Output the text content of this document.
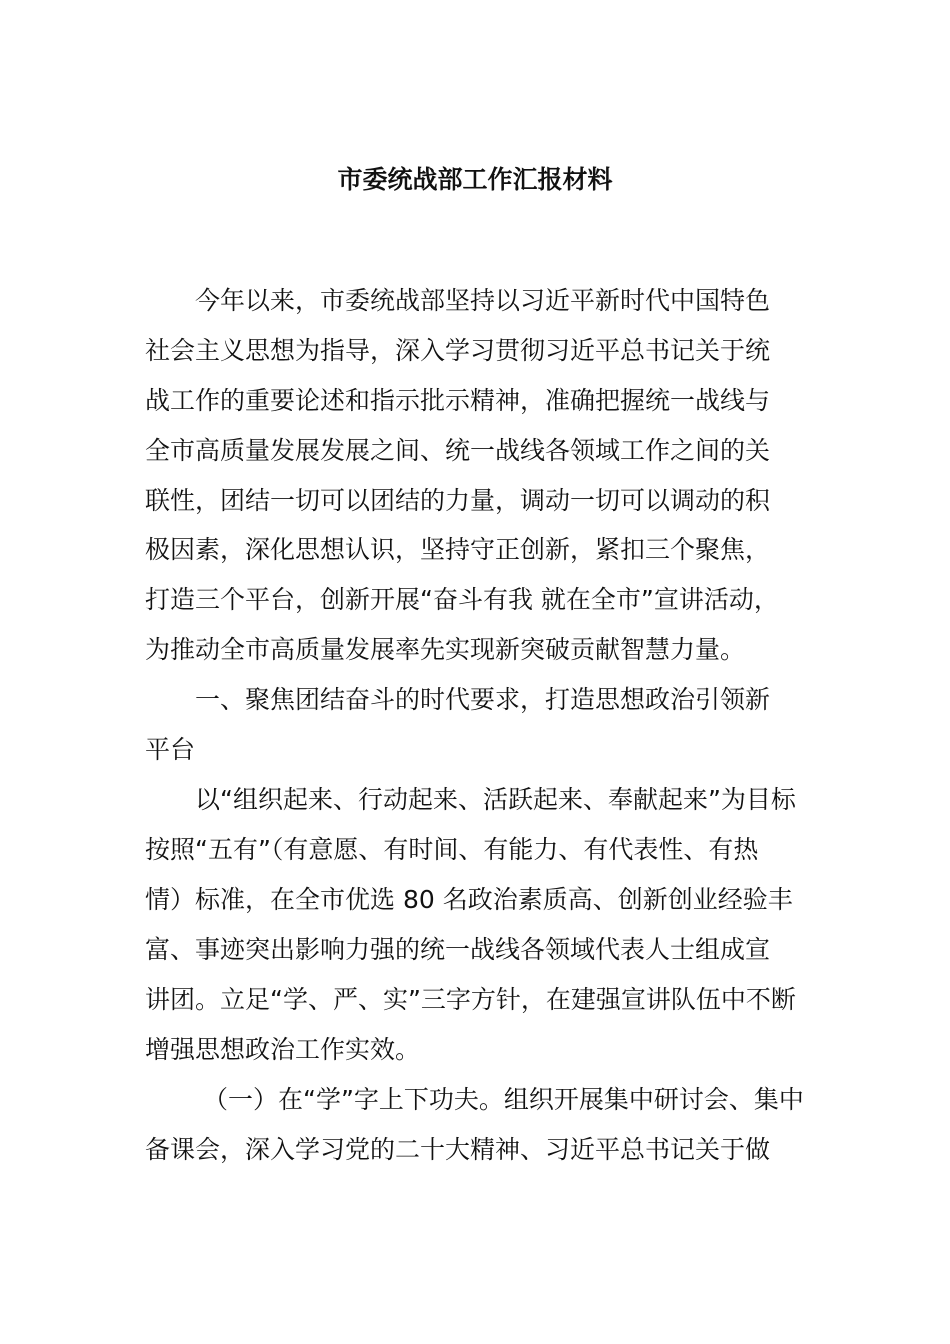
市委统战部工作汇报材料
今年以来，市委统战部坚持以习近平新时代中国特色
社会主义思想为指导，深入学习贯彻习近平总书记关于统
战工作的重要论述和指示批示精神，准确把握统一战线与
全市高质量发展发展之间、统一战线各领域工作之间的关
联性，团结一切可以团结的力量，调动一切可以调动的积
极因素，深化思想认识，坚持守正创新，紧扣三个聚焦，
打造三个平台，创新开展“奋斗有我 就在全市”宣讲活动，
为推动全市高质量发展率先实现新突破贡献智慧力量。
一、聚焦团结奋斗的时代要求，打造思想政治引领新
平台
以“组织起来、行动起来、活跃起来、奉献起来”为目标
按照“五有”（有意愿、有时间、有能力、有代表性、有热
情）标准，在全市优选 80 名政治素质高、创新创业经验丰
富、事迹突出影响力强的统一战线各领域代表人士组成宣
讲团。立足“学、严、实”三字方针，在建强宣讲队伍中不断
增强思想政治工作实效。
（一）在“学”字上下功夫。组织开展集中研讨会、集中
备课会，深入学习党的二十大精神、习近平总书记关于做
